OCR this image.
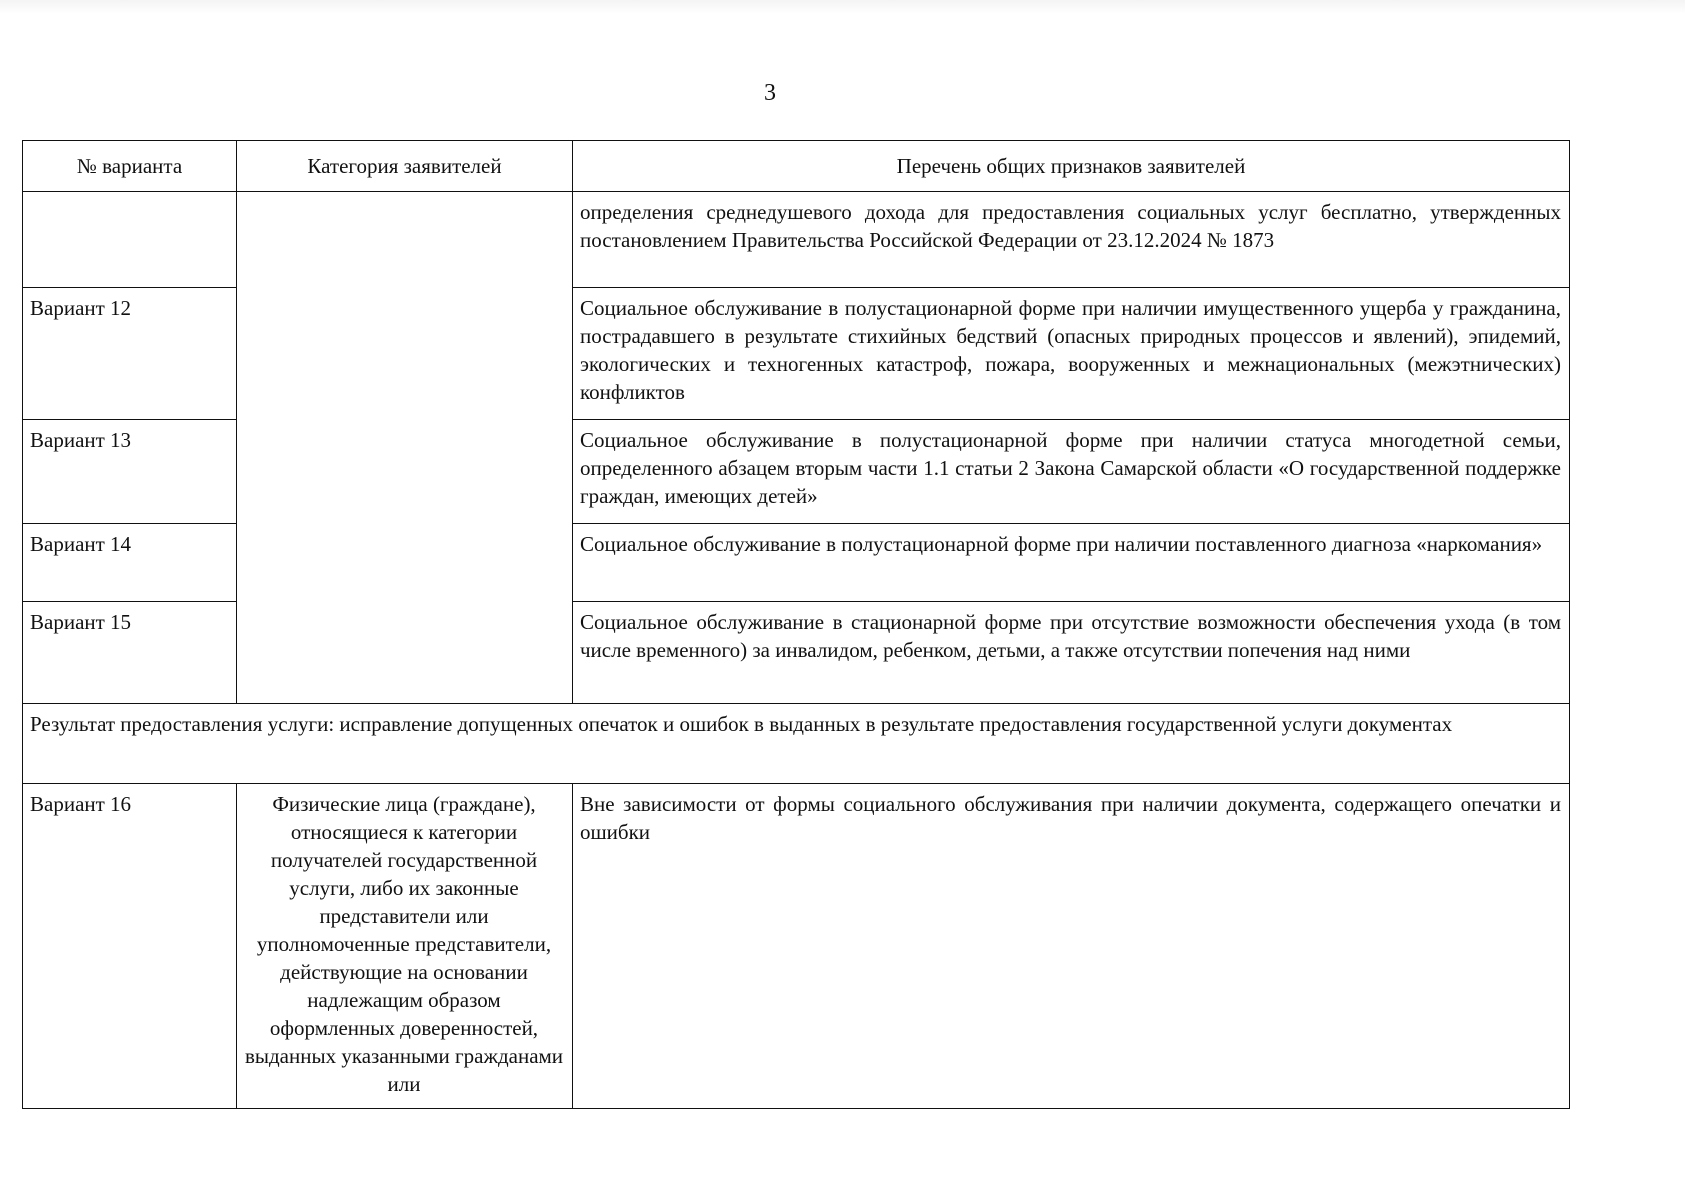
3
№ варианта	Категория заявителей	Перечень общих признаков заявителей
		определения среднедушевого дохода для предоставления социальных услуг бесплатно, утвержденных постановлением Правительства Российской Федерации от 23.12.2024 № 1873
Вариант 12		Социальное обслуживание в полустационарной форме при наличии имущественного ущерба у гражданина, пострадавшего в результате стихийных бедствий (опасных природных процессов и явлений), эпидемий, экологических и техногенных катастроф, пожара, вооруженных и межнациональных (межэтнических) конфликтов
Вариант 13		Социальное обслуживание в полустационарной форме при наличии статуса многодетной семьи, определенного абзацем вторым части 1.1 статьи 2 Закона Самарской области «О государственной поддержке граждан, имеющих детей»
Вариант 14		Социальное обслуживание в полустационарной форме при наличии поставленного диагноза «наркомания»
Вариант 15		Социальное обслуживание в стационарной форме при отсутствие возможности обеспечения ухода (в том числе временного) за инвалидом, ребенком, детьми, а также отсутствии попечения над ними
Результат предоставления услуги: исправление допущенных опечаток и ошибок в выданных в результате предоставления государственной услуги документах		
Вариант 16	Физические лица (граждане), относящиеся к категории получателей государственной услуги, либо их законные представители или уполномоченные представители, действующие на основании надлежащим образом оформленных доверенностей, выданных указанными гражданами или	Вне зависимости от формы социального обслуживания при наличии документа, содержащего опечатки и ошибки
